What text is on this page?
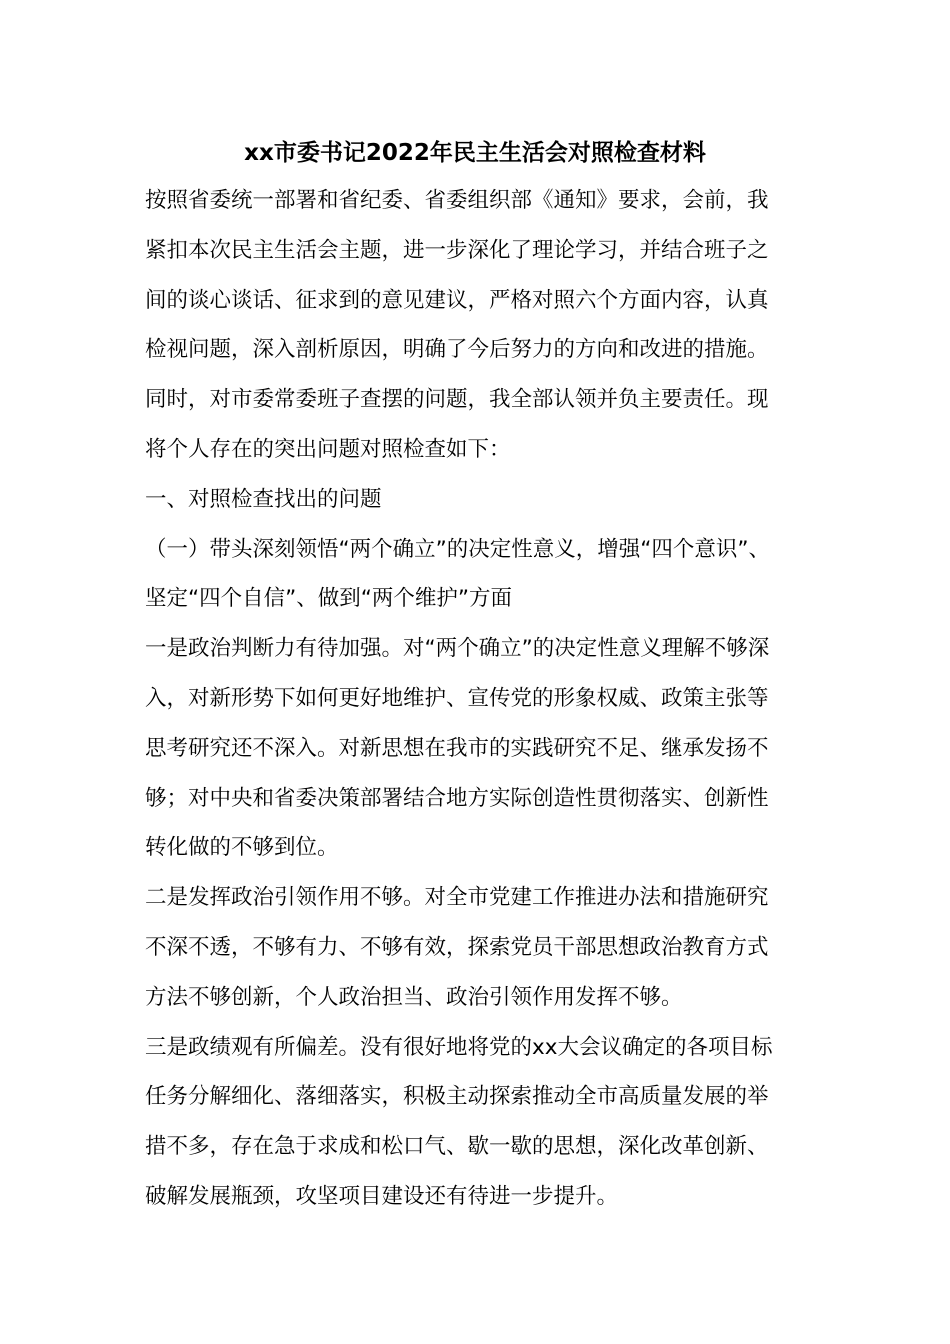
xx市委书记2022年民主生活会对照检查材料
按照省委统一部署和省纪委、省委组织部《通知》要求，会前，我
紧扣本次民主生活会主题，进一步深化了理论学习，并结合班子之
间的谈心谈话、征求到的意见建议，严格对照六个方面内容，认真
检视问题，深入剖析原因，明确了今后努力的方向和改进的措施。
同时，对市委常委班子查摆的问题，我全部认领并负主要责任。现
将个人存在的突出问题对照检查如下：
一、对照检查找出的问题
（一）带头深刻领悟“两个确立”的决定性意义，增强“四个意识”、
坚定“四个自信”、做到“两个维护”方面
一是政治判断力有待加强。对“两个确立”的决定性意义理解不够深
入，对新形势下如何更好地维护、宣传党的形象权威、政策主张等
思考研究还不深入。对新思想在我市的实践研究不足、继承发扬不
够；对中央和省委决策部署结合地方实际创造性贯彻落实、创新性
转化做的不够到位。
二是发挥政治引领作用不够。对全市党建工作推进办法和措施研究
不深不透，不够有力、不够有效，探索党员干部思想政治教育方式
方法不够创新，个人政治担当、政治引领作用发挥不够。
三是政绩观有所偏差。没有很好地将党的xx大会议确定的各项目标
任务分解细化、落细落实，积极主动探索推动全市高质量发展的举
措不多，存在急于求成和松口气、歇一歇的思想，深化改革创新、
破解发展瓶颈，攻坚项目建设还有待进一步提升。
